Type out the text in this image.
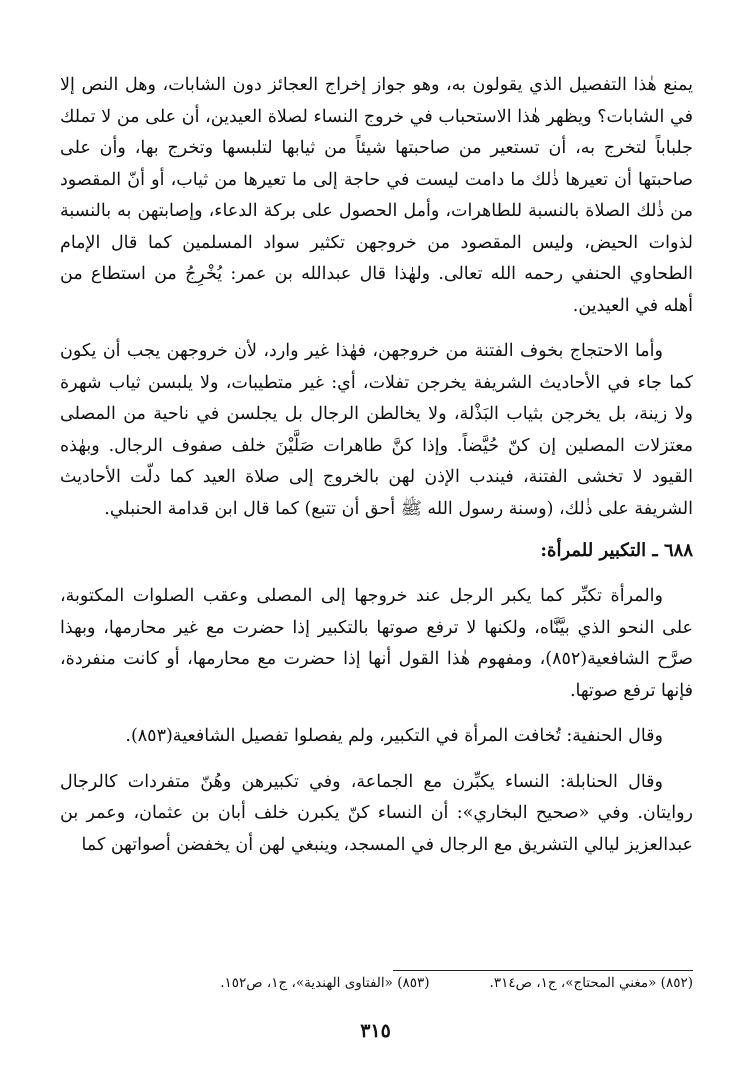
يمنع هٰذا التفصيل الذي يقولون به، وهو جواز إخراج العجائز دون الشابات، وهل النص إلا في الشابات؟ ويظهر هٰذا الاستحباب في خروج النساء لصلاة العيدين، أن على من لا تملك جلباباً لتخرج به، أن تستعير من صاحبتها شيئاً من ثيابها لتلبسها وتخرج بها، وأن على صاحبتها أن تعيرها ذٰلك ما دامت ليست في حاجة إلى ما تعيرها من ثياب، أو أنّ المقصود من ذٰلك الصلاة بالنسبة للطاهرات، وأمل الحصول على بركة الدعاء، وإصابتهن به بالنسبة لذوات الحيض، وليس المقصود من خروجهن تكثير سواد المسلمين كما قال الإمام الطحاوي الحنفي رحمه الله تعالى. ولهٰذا قال عبدالله بن عمر: يُخْرِجُ من استطاع من أهله في العيدين.

وأما الاحتجاج بخوف الفتنة من خروجهن، فهٰذا غير وارد، لأن خروجهن يجب أن يكون كما جاء في الأحاديث الشريفة يخرجن تفلات، أي: غير متطيبات، ولا يلبسن ثياب شهرة ولا زينة، بل يخرجن بثياب البَذْلة، ولا يخالطن الرجال بل يجلسن في ناحية من المصلى معتزلات المصلين إن كنّ حُيَّضاً. وإذا كنَّ طاهرات صَلَّيْنَ خلف صفوف الرجال. وبهٰذه القيود لا تخشى الفتنة، فيندب الإذن لهن بالخروج إلى صلاة العيد كما دلّت الأحاديث الشريفة على ذٰلك، (وسنة رسول الله ﷺ أحق أن تتبع) كما قال ابن قدامة الحنبلي.

٦٨٨ ـ التكبير للمرأة:

والمرأة تكبِّر كما يكبر الرجل عند خروجها إلى المصلى وعقب الصلوات المكتوبة، على النحو الذي بيَّنَّاه، ولكنها لا ترفع صوتها بالتكبير إذا حضرت مع غير محارمها، وبهذا صرَّح الشافعية(٨٥٢)، ومفهوم هٰذا القول أنها إذا حضرت مع محارمها، أو كانت منفردة، فإنها ترفع صوتها.

وقال الحنفية: تُخافت المرأة في التكبير، ولم يفصلوا تفصيل الشافعية(٨٥٣).

وقال الحنابلة: النساء يكبِّرن مع الجماعة، وفي تكبيرهن وهُنّ متفردات كالرجال روايتان. وفي «صحيح البخاري»: أن النساء كنّ يكبرن خلف أبان بن عثمان، وعمر بن عبدالعزيز ليالي التشريق مع الرجال في المسجد، وينبغي لهن أن يخفضن أصواتهن كما

(٨٥٢) «مغني المحتاج»، ج١، ص٣١٤.
(٨٥٣) «الفتاوى الهندية»، ج١، ص١٥٢.
٣١٥
